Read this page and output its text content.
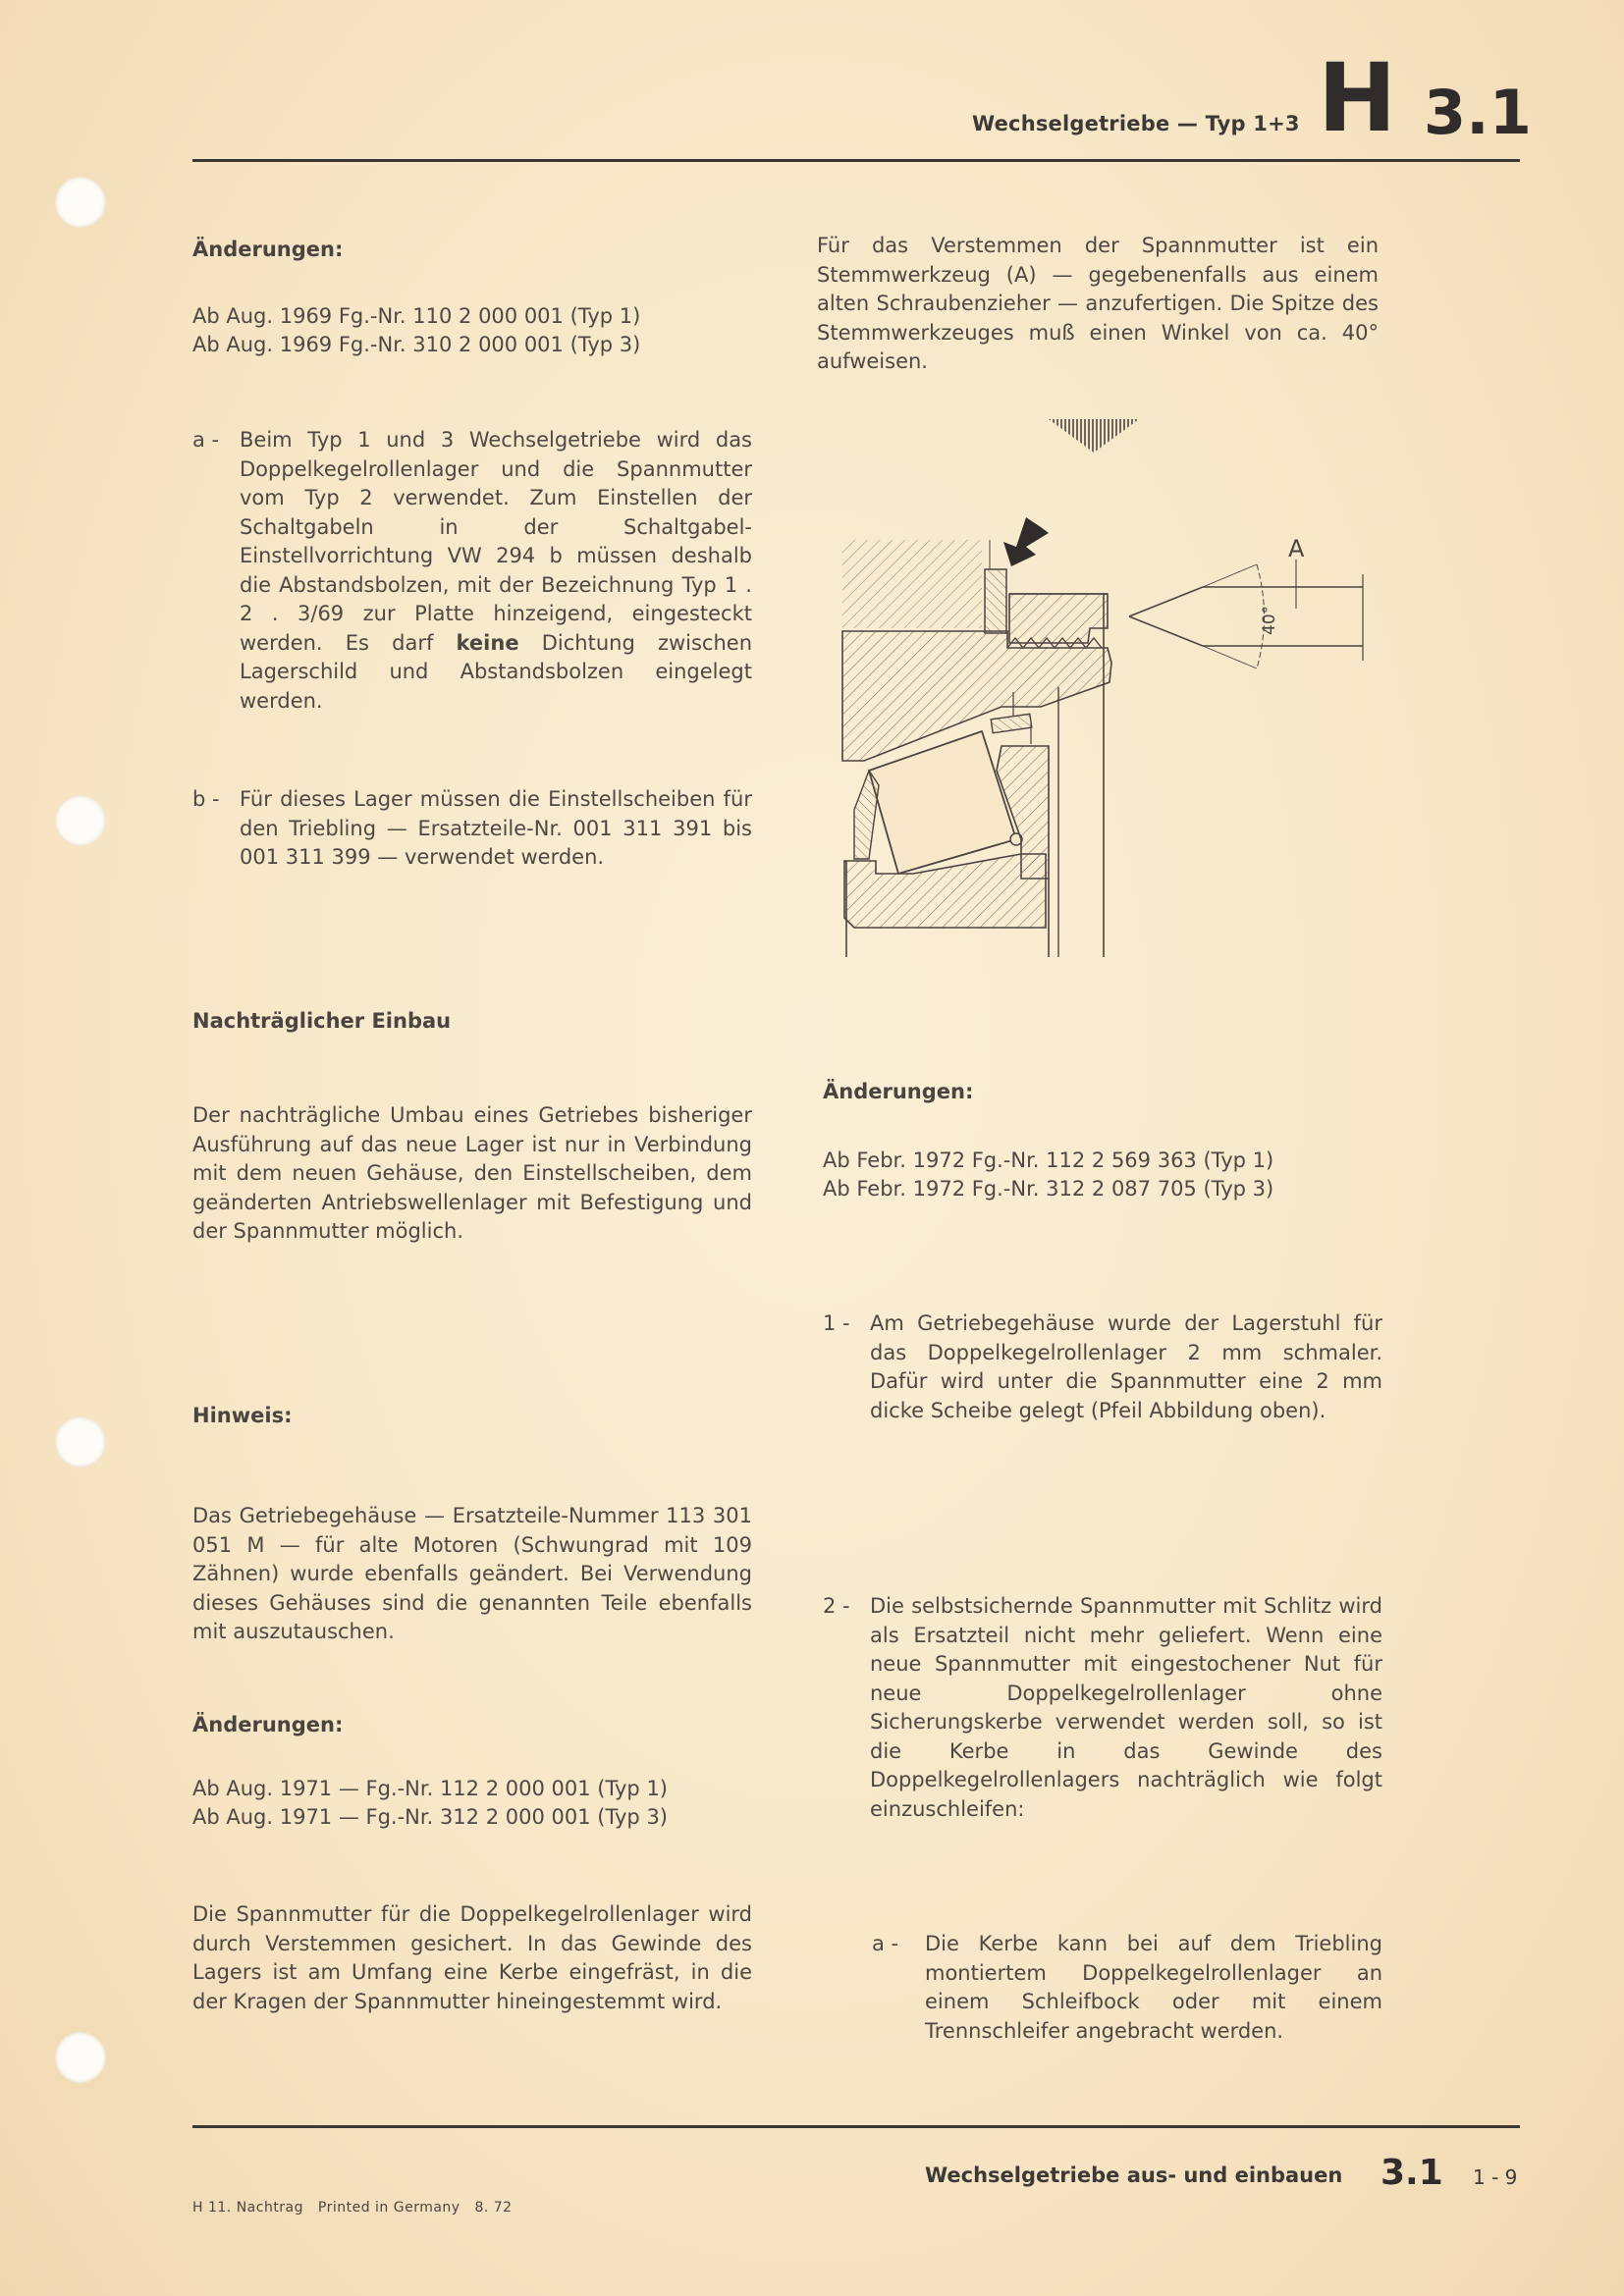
Wechselgetriebe — Typ 1+3 H 3.1
Änderungen:
Ab Aug. 1969 Fg.-Nr. 110 2 000 001 (Typ 1)
Ab Aug. 1969 Fg.-Nr. 310 2 000 001 (Typ 3)
a - Beim Typ 1 und 3 Wechselgetriebe wird das Doppelkegelrollenlager und die Spannmutter vom Typ 2 verwendet. Zum Einstellen der Schaltgabeln in der Schaltgabel-Einstellvorrichtung VW 294 b müssen deshalb die Abstandsbolzen, mit der Bezeichnung Typ 1 . 2 . 3/69 zur Platte hinzeigend, eingesteckt werden. Es darf keine Dichtung zwischen Lagerschild und Abstandsbolzen eingelegt werden.
b - Für dieses Lager müssen die Einstellscheiben für den Triebling — Ersatzteile-Nr. 001 311 391 bis 001 311 399 — verwendet werden.
Nachträglicher Einbau
Der nachträgliche Umbau eines Getriebes bisheriger Ausführung auf das neue Lager ist nur in Verbindung mit dem neuen Gehäuse, den Einstellscheiben, dem geänderten Antriebswellenlager mit Befestigung und der Spannmutter möglich.
Hinweis:
Das Getriebegehäuse — Ersatzteile-Nummer 113 301 051 M — für alte Motoren (Schwungrad mit 109 Zähnen) wurde ebenfalls geändert. Bei Verwendung dieses Gehäuses sind die genannten Teile ebenfalls mit auszutauschen.
Änderungen:
Ab Aug. 1971 — Fg.-Nr. 112 2 000 001 (Typ 1)
Ab Aug. 1971 — Fg.-Nr. 312 2 000 001 (Typ 3)
Die Spannmutter für die Doppelkegelrollenlager wird durch Verstemmen gesichert. In das Gewinde des Lagers ist am Umfang eine Kerbe eingefräst, in die der Kragen der Spannmutter hineingestemmt wird.
Für das Verstemmen der Spannmutter ist ein Stemmwerkzeug (A) — gegebenenfalls aus einem alten Schraubenzieher — anzufertigen. Die Spitze des Stemmwerkzeuges muß einen Winkel von ca. 40° aufweisen.
A
40°
Änderungen:
Ab Febr. 1972 Fg.-Nr. 112 2 569 363 (Typ 1)
Ab Febr. 1972 Fg.-Nr. 312 2 087 705 (Typ 3)
1 - Am Getriebegehäuse wurde der Lagerstuhl für das Doppelkegelrollenlager 2 mm schmaler. Dafür wird unter die Spannmutter eine 2 mm dicke Scheibe gelegt (Pfeil Abbildung oben).
2 - Die selbstsichernde Spannmutter mit Schlitz wird als Ersatzteil nicht mehr geliefert. Wenn eine neue Spannmutter mit eingestochener Nut für neue Doppelkegelrollenlager ohne Sicherungskerbe verwendet werden soll, so ist die Kerbe in das Gewinde des Doppelkegelrollenlagers nachträglich wie folgt einzuschleifen:
a -	Die Kerbe kann bei auf dem Triebling montiertem Doppelkegelrollenlager an einem Schleifbock oder mit einem Trennschleifer angebracht werden.
Wechselgetriebe aus- und einbauen 3.1 1 - 9
H 11. Nachtrag   Printed in Germany   8. 72
